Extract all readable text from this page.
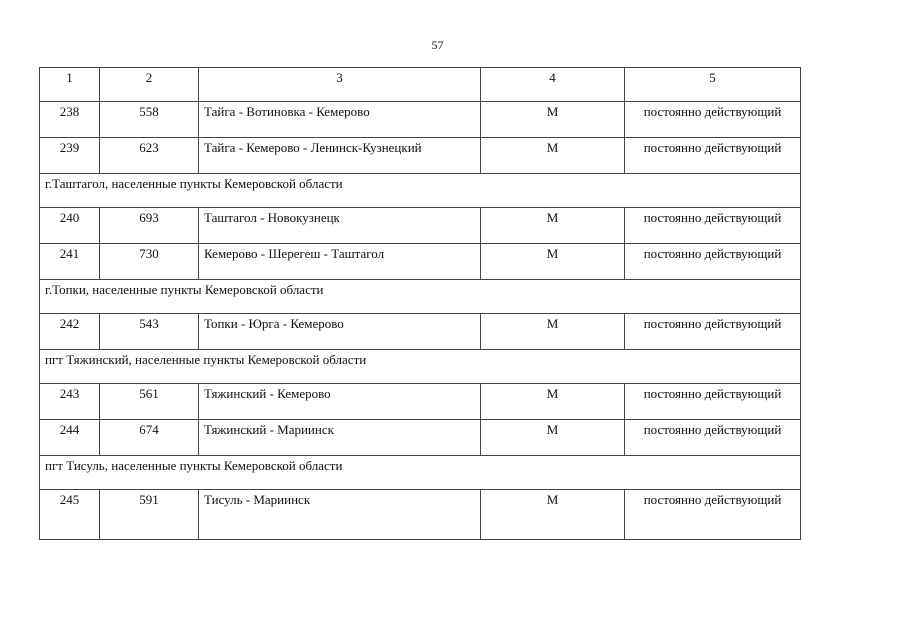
57
1	2	3	4	5
238	558	Тайга - Вотиновка - Кемерово	М	постоянно действующий
239	623	Тайга - Кемерово - Ленинск-Кузнецкий	М	постоянно действующий
г.Таштагол, населенные пункты Кемеровской области				
240	693	Таштагол - Новокузнецк	М	постоянно действующий
241	730	Кемерово - Шерегеш - Таштагол	М	постоянно действующий
г.Топки, населенные пункты Кемеровской области				
242	543	Топки - Юрга - Кемерово	М	постоянно действующий
пгт Тяжинский, населенные пункты Кемеровской области				
243	561	Тяжинский - Кемерово	М	постоянно действующий
244	674	Тяжинский - Мариинск	М	постоянно действующий
пгт Тисуль, населенные пункты Кемеровской области				
245	591	Тисуль - Мариинск	М	постоянно действующий
